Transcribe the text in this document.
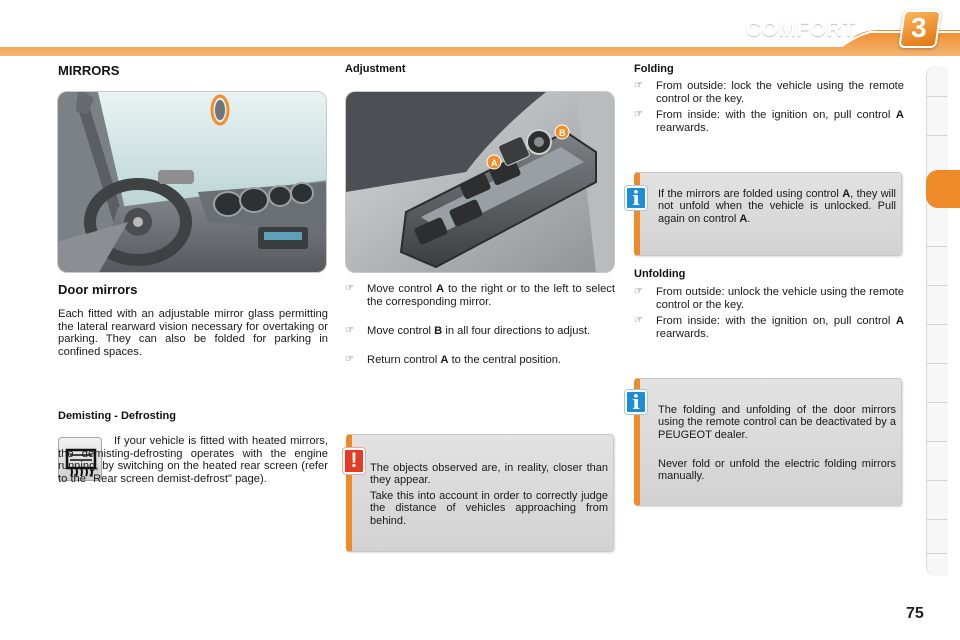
COMFORT 3
MIRRORS
Door mirrors
Each fitted with an adjustable mirror glass permitting the lateral rearward vision necessary for overtaking or parking. They can also be folded for parking in confined spaces.
Demisting - Defrosting
If your vehicle is fitted with heated mirrors, the demisting-defrosting operates with the engine running, by switching on the heated rear screen (refer to the "Rear screen demist-defrost" page).
Adjustment
A
B
☞ Move control A to the right or to the left to select the corresponding mirror.
☞ Move control B in all four directions to adjust.
☞ Return control A to the central position.
!	The objects observed are, in reality, closer than they appear.
Take this into account in order to correctly judge the distance of vehicles approaching from behind.
Folding
☞ From outside: lock the vehicle using the remote control or the key.
☞ From inside: with the ignition on, pull control A rearwards.
i	If the mirrors are folded using control A, they will not unfold when the vehicle is unlocked. Pull again on control A.
Unfolding
☞ From outside: unlock the vehicle using the remote control or the key.
☞ From inside: with the ignition on, pull control A rearwards.
i	The folding and unfolding of the door mirrors using the remote control can be deactivated by a PEUGEOT dealer.
Never fold or unfold the electric folding mirrors manually.
75
